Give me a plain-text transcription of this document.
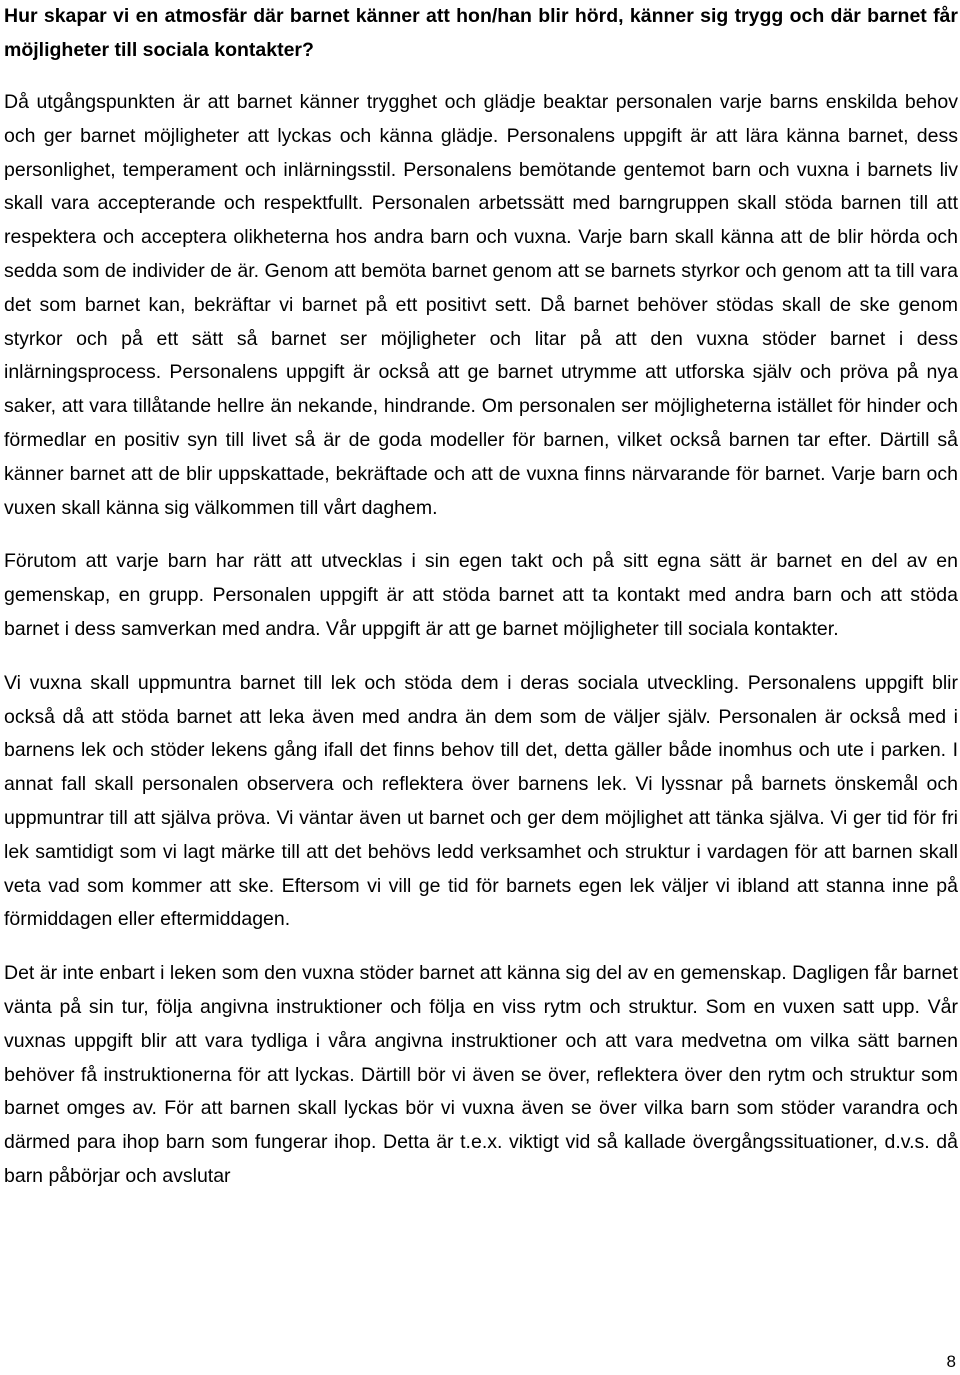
Hur skapar vi en atmosfär där barnet känner att hon/han blir hörd, känner sig trygg och där barnet får möjligheter till sociala kontakter?

Då utgångspunkten är att barnet känner trygghet och glädje beaktar personalen varje barns enskilda behov och ger barnet möjligheter att lyckas och känna glädje. Personalens uppgift är att lära känna barnet, dess personlighet, temperament och inlärningsstil. Personalens bemötande gentemot barn och vuxna i barnets liv skall vara accepterande och respektfullt. Personalen arbetssätt med barngruppen skall stöda barnen till att respektera och acceptera olikheterna hos andra barn och vuxna. Varje barn skall känna att de blir hörda och sedda som de individer de är. Genom att bemöta barnet genom att se barnets styrkor och genom att ta till vara det som barnet kan, bekräftar vi barnet på ett positivt sett. Då barnet behöver stödas skall de ske genom styrkor och på ett sätt så barnet ser möjligheter och litar på att den vuxna stöder barnet i dess inlärningsprocess. Personalens uppgift är också att ge barnet utrymme att utforska själv och pröva på nya saker, att vara tillåtande hellre än nekande, hindrande. Om personalen ser möjligheterna istället för hinder och förmedlar en positiv syn till livet så är de goda modeller för barnen, vilket också barnen tar efter. Därtill så känner barnet att de blir uppskattade, bekräftade och att de vuxna finns närvarande för barnet. Varje barn och vuxen skall känna sig välkommen till vårt daghem.

Förutom att varje barn har rätt att utvecklas i sin egen takt och på sitt egna sätt är barnet en del av en gemenskap, en grupp. Personalen uppgift är att stöda barnet att ta kontakt med andra barn och att stöda barnet i dess samverkan med andra. Vår uppgift är att ge barnet möjligheter till sociala kontakter.

Vi vuxna skall uppmuntra barnet till lek och stöda dem i deras sociala utveckling. Personalens uppgift blir också då att stöda barnet att leka även med andra än dem som de väljer själv. Personalen är också med i barnens lek och stöder lekens gång ifall det finns behov till det, detta gäller både inomhus och ute i parken. I annat fall skall personalen observera och reflektera över barnens lek. Vi lyssnar på barnets önskemål och uppmuntrar till att själva pröva. Vi väntar även ut barnet och ger dem möjlighet att tänka själva. Vi ger tid för fri lek samtidigt som vi lagt märke till att det behövs ledd verksamhet och struktur i vardagen för att barnen skall veta vad som kommer att ske. Eftersom vi vill ge tid för barnets egen lek väljer vi ibland att stanna inne på förmiddagen eller eftermiddagen.

Det är inte enbart i leken som den vuxna stöder barnet att känna sig del av en gemenskap. Dagligen får barnet vänta på sin tur, följa angivna instruktioner och följa en viss rytm och struktur. Som en vuxen satt upp. Vår vuxnas uppgift blir att vara tydliga i våra angivna instruktioner och att vara medvetna om vilka sätt barnen behöver få instruktionerna för att lyckas. Därtill bör vi även se över, reflektera över den rytm och struktur som barnet omges av. För att barnen skall lyckas bör vi vuxna även se över vilka barn som stöder varandra och därmed para ihop barn som fungerar ihop. Detta är t.e.x. viktigt vid så kallade övergångssituationer, d.v.s. då barn påbörjar och avslutar

8
